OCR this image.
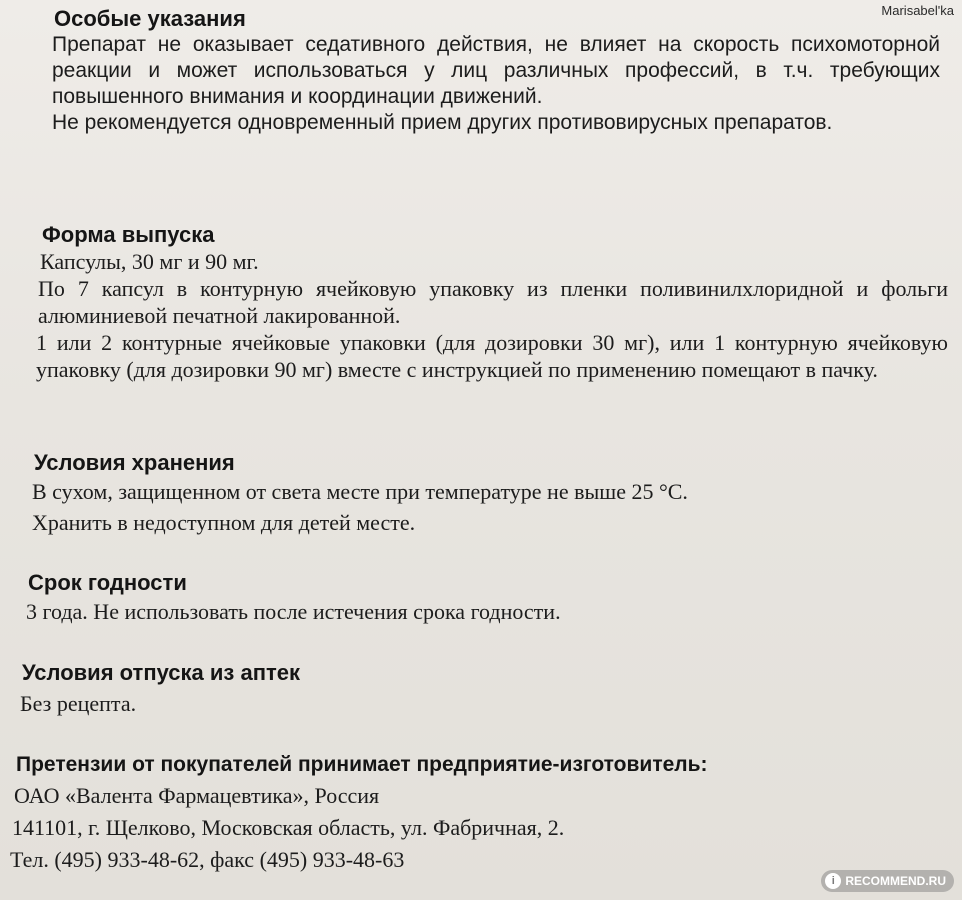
Marisabel'ka
Особые указания
Препарат не оказывает седативного действия, не влияет на скорость психомоторной реакции и может использоваться у лиц различных профессий, в т.ч. требующих повышенного внимания и координации движений.
Не рекомендуется одновременный прием других противовирусных препаратов.
Форма выпуска
Капсулы, 30 мг и 90 мг.
По 7 капсул в контурную ячейковую упаковку из пленки поливинилхлоридной и фольги алюминиевой печатной лакированной.
1 или 2 контурные ячейковые упаковки (для дозировки 30 мг), или 1 контурную ячейковую упаковку (для дозировки 90 мг) вместе с инструкцией по применению помещают в пачку.
Условия хранения
В сухом, защищенном от света месте при температуре не выше 25 °С.
Хранить в недоступном для детей месте.
Срок годности
3 года. Не использовать после истечения срока годности.
Условия отпуска из аптек
Без рецепта.
Претензии от покупателей принимает предприятие-изготовитель:
ОАО «Валента Фармацевтика», Россия
141101, г. Щелково, Московская область, ул. Фабричная, 2.
Тел. (495) 933-48-62, факс (495) 933-48-63
i RECOMMEND.RU
